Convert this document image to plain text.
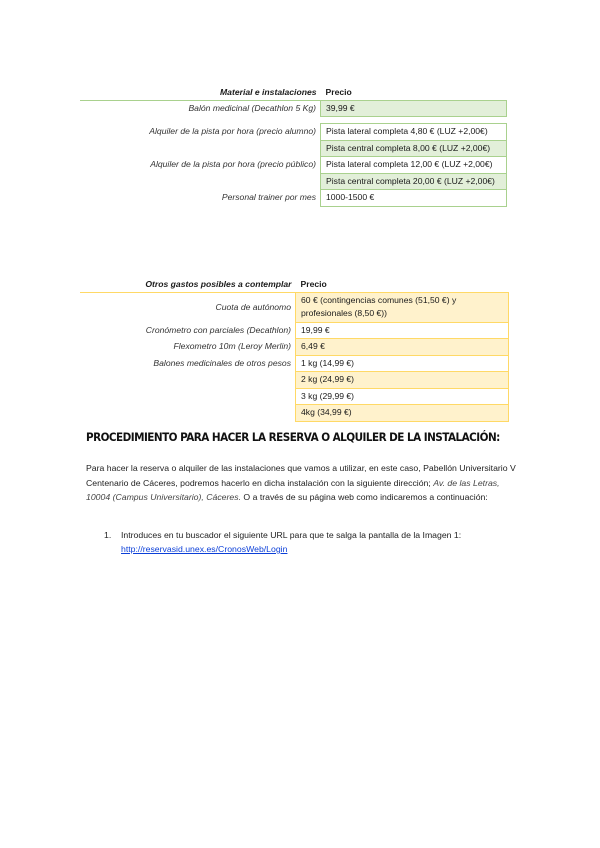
Material e instalaciones	Precio
Balón medicinal (Decathlon 5 Kg)	39,99 €

Alquiler de la pista por hora (precio alumno)	Pista lateral completa 4,80 € (LUZ +2,00€)
	Pista central completa 8,00 € (LUZ +2,00€)
Alquiler de la pista por hora (precio público)	Pista lateral completa 12,00 € (LUZ +2,00€)
	Pista central completa 20,00 € (LUZ +2,00€)
Personal trainer por mes	1000-1500 €
Otros gastos posibles a contemplar	Precio
Cuota de autónomo	60 € (contingencias comunes (51,50 €) y profesionales (8,50 €))
Cronómetro con parciales (Decathlon)	19,99 €
Flexometro 10m (Leroy Merlin)	6,49 €
Balones medicinales de otros pesos	1 kg (14,99 €)
	2 kg (24,99 €)
	3 kg (29,99 €)
	4kg (34,99 €)
PROCEDIMIENTO PARA HACER LA RESERVA O ALQUILER DE LA INSTALACIÓN:
Para hacer la reserva o alquiler de las instalaciones que vamos a utilizar, en este caso, Pabellón Universitario V Centenario de Cáceres, podremos hacerlo en dicha instalación con la siguiente dirección; Av. de las Letras, 10004 (Campus Universitario), Cáceres. O a través de su página web como indicaremos a continuación:
1. Introduces en tu buscador el siguiente URL para que te salga la pantalla de la Imagen 1:
http://reservasid.unex.es/CronosWeb/Login
